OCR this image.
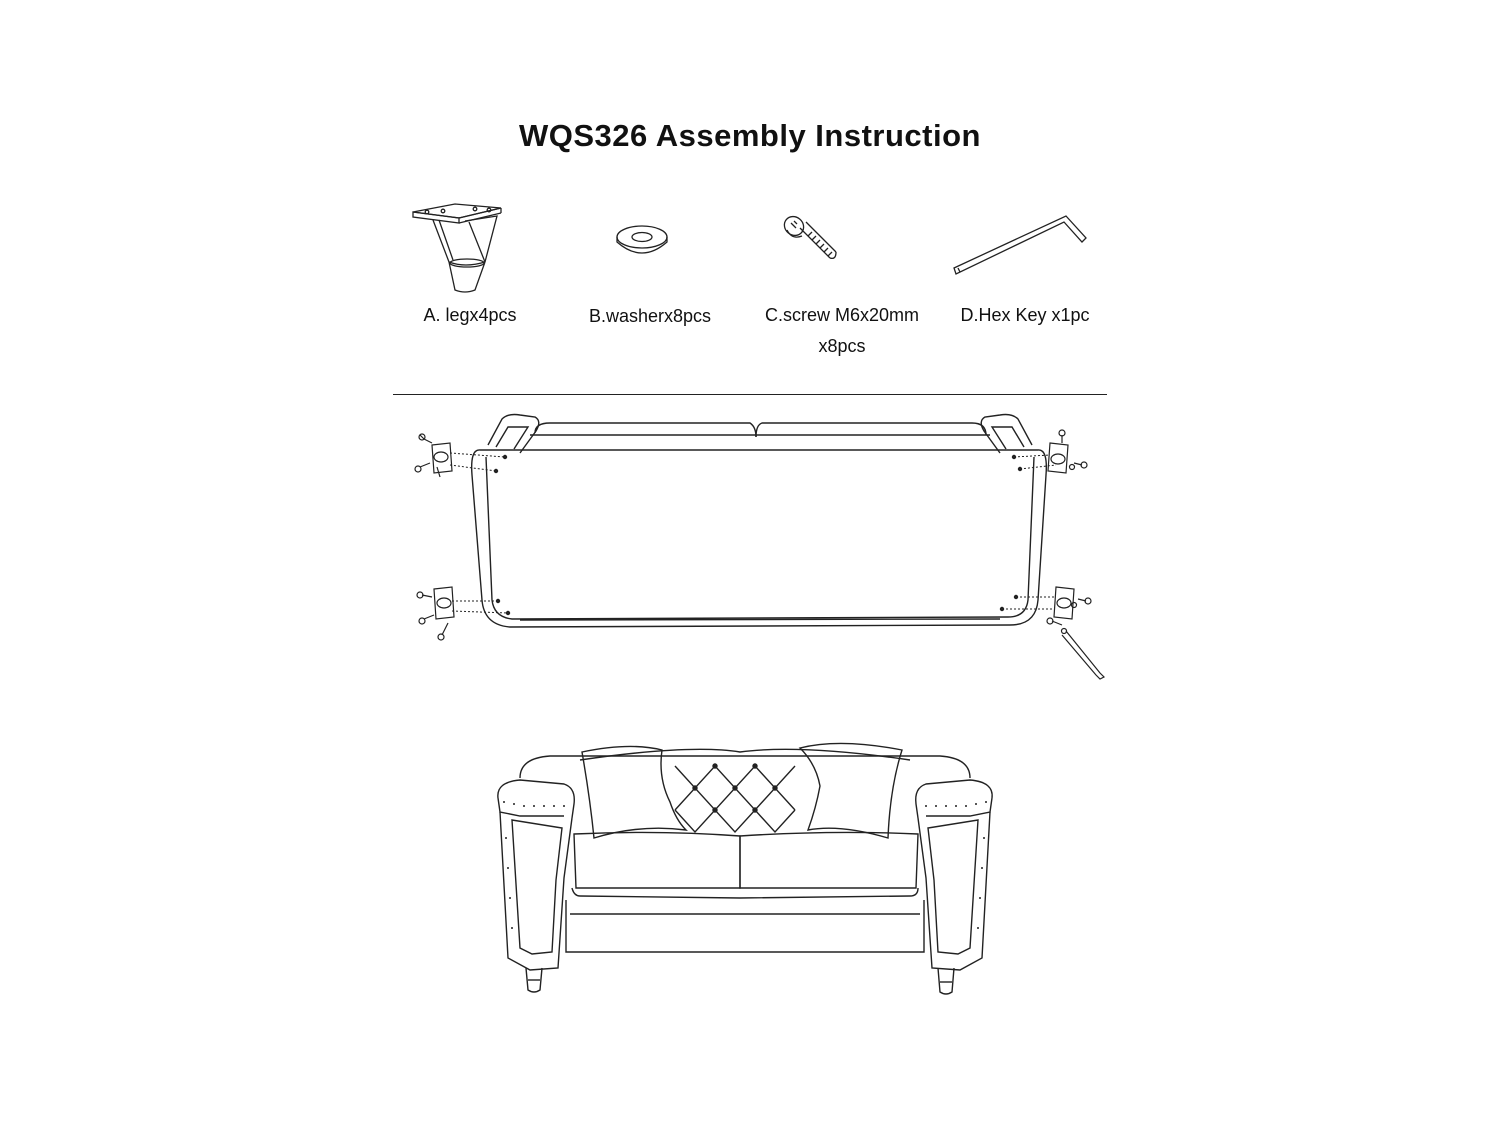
WQS326 Assembly Instruction
A. legx4pcs	B.washerx8pcs	C.screw M6x20mm
x8pcs
D.Hex Key x1pc
